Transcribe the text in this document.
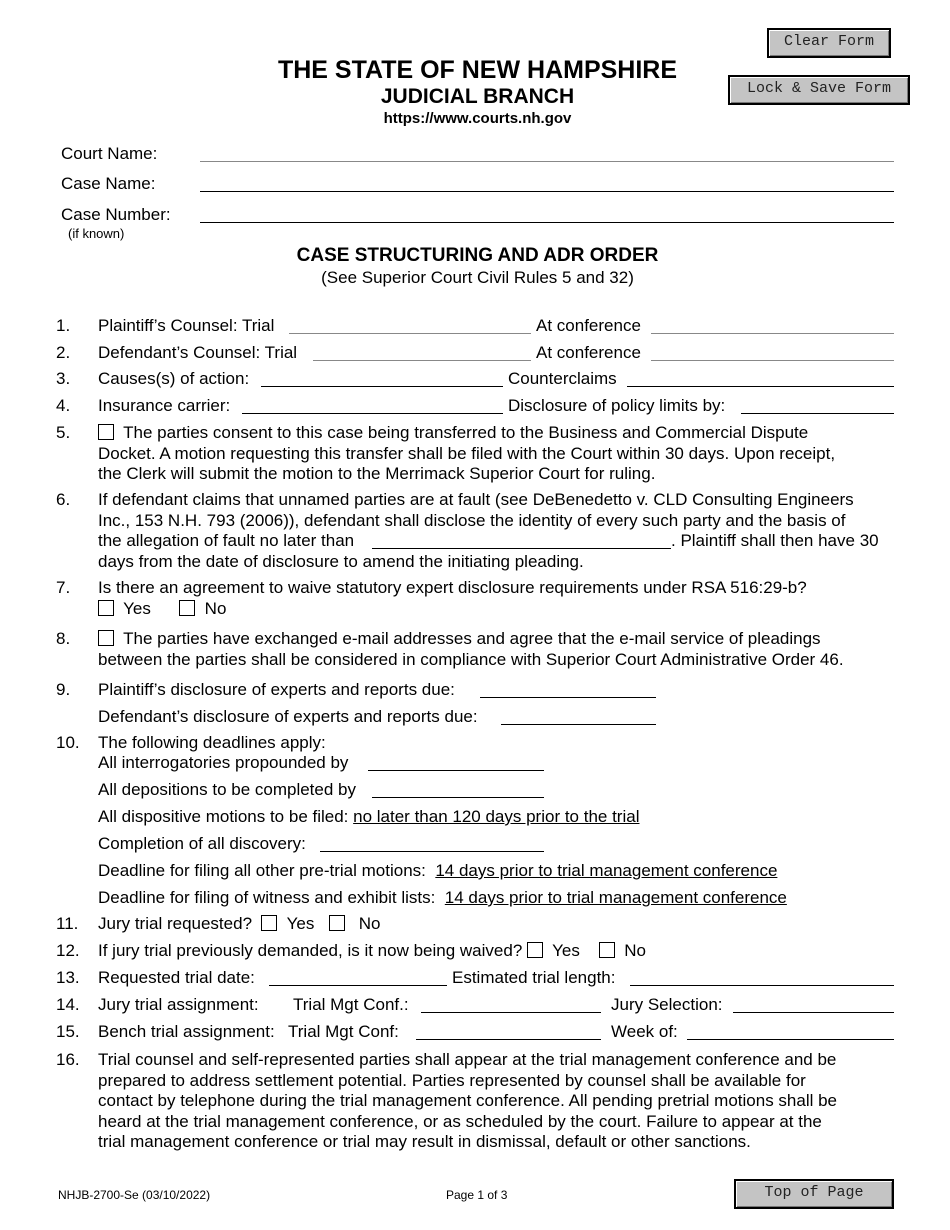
Clear Form
Lock & Save Form
THE STATE OF NEW HAMPSHIRE
JUDICIAL BRANCH
https://www.courts.nh.gov
Court Name:
Case Name:
Case Number:
(if known)
CASE STRUCTURING AND ADR ORDER
(See Superior Court Civil Rules 5 and 32)
1. Plaintiff’s Counsel: Trial	At conference
2. Defendant’s Counsel: Trial	At conference
3. Causes(s) of action:	Counterclaims
4. Insurance carrier:	Disclosure of policy limits by:
5.	The parties consent to this case being transferred to the Business and Commercial Dispute
Docket. A motion requesting this transfer shall be filed with the Court within 30 days. Upon receipt,
the Clerk will submit the motion to the Merrimack Superior Court for ruling.
6. If defendant claims that unnamed parties are at fault (see DeBenedetto v. CLD Consulting Engineers
Inc., 153 N.H. 793 (2006)), defendant shall disclose the identity of every such party and the basis of
days from the date of disclosure to amend the initiating pleading.
the allegation of fault no later than	. Plaintiff shall then have 30
7. Is there an agreement to waive statutory expert disclosure requirements under RSA 516:29-b?
Yes	No
8.	The parties have exchanged e-mail addresses and agree that the e-mail service of pleadings
between the parties shall be considered in compliance with Superior Court Administrative Order 46.
9. Plaintiff’s disclosure of experts and reports due:
Defendant’s disclosure of experts and reports due:
10. The following deadlines apply:
All interrogatories propounded by
All depositions to be completed by
All dispositive motions to be filed: no later than 120 days prior to the trial
Completion of all discovery:
Deadline for filing all other pre-trial motions: 14 days prior to trial management conference
Deadline for filing of witness and exhibit lists: 14 days prior to trial management conference
11. Jury trial requested? Yes	No
12. If jury trial previously demanded, is it now being waived? Yes	No
13. Requested trial date:	Estimated trial length:
14. Jury trial assignment: Trial Mgt Conf.:	Jury Selection:
15. Bench trial assignment: Trial Mgt Conf:	Week of:
16. Trial counsel and self-represented parties shall appear at the trial management conference and be
prepared to address settlement potential. Parties represented by counsel shall be available for
contact by telephone during the trial management conference. All pending pretrial motions shall be
heard at the trial management conference, or as scheduled by the court. Failure to appear at the
trial management conference or trial may result in dismissal, default or other sanctions.
NHJB-2700-Se (03/10/2022)	Page 1 of 3	Top of Page
